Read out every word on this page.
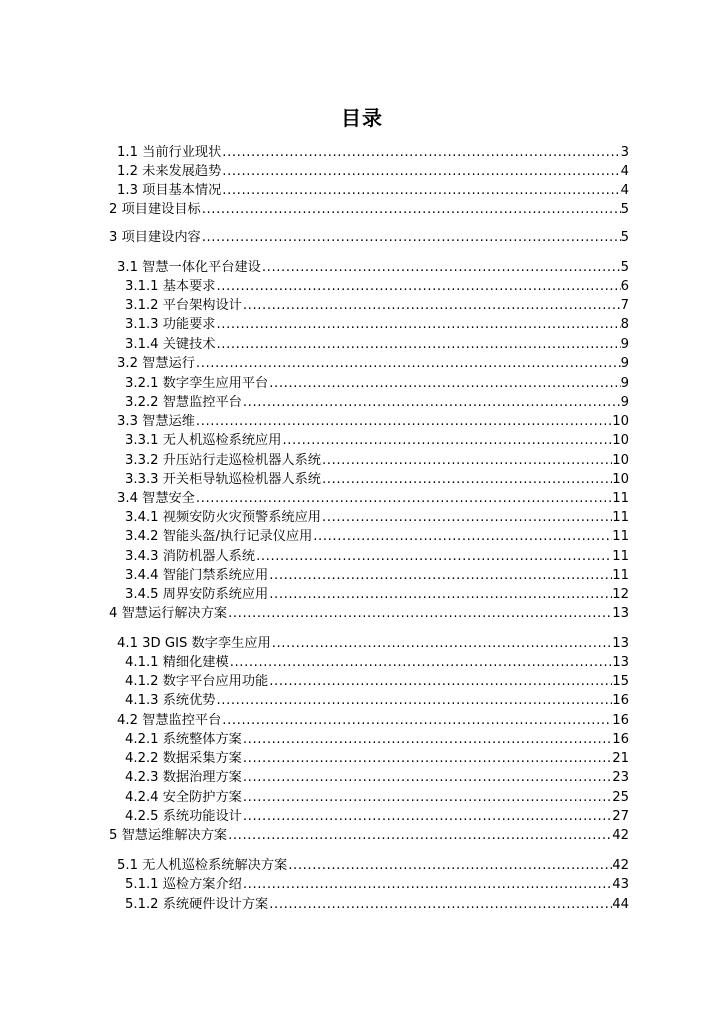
目录
1.1 当前行业现状 .....	3
1.2 未来发展趋势 .....	4
1.3 项目基本情况 .....	4
2 项目建设目标 .....	5
3 项目建设内容 .....	5
3.1 智慧一体化平台建设 .....	5
3.1.1 基本要求 .....	6
3.1.2 平台架构设计 .....	7
3.1.3 功能要求 .....	8
3.1.4 关键技术 .....	9
3.2 智慧运行 .....	9
3.2.1 数字孪生应用平台 .....	9
3.2.2 智慧监控平台 .....	9
3.3 智慧运维 .....	10
3.3.1 无人机巡检系统应用 .....	10
3.3.2 升压站行走巡检机器人系统 .....	10
3.3.3 开关柜导轨巡检机器人系统 .....	10
3.4 智慧安全 .....	11
3.4.1 视频安防火灾预警系统应用 .....	11
3.4.2 智能头盔/执行记录仪应用 .....	11
3.4.3 消防机器人系统 .....	11
3.4.4 智能门禁系统应用 .....	11
3.4.5 周界安防系统应用 .....	12
4 智慧运行解决方案 .....	13
4.1 3D GIS 数字孪生应用 .....	13
4.1.1 精细化建模 .....	13
4.1.2 数字平台应用功能 .....	15
4.1.3 系统优势 .....	16
4.2 智慧监控平台 .....	16
4.2.1 系统整体方案 .....	16
4.2.2 数据采集方案 .....	21
4.2.3 数据治理方案 .....	23
4.2.4 安全防护方案 .....	25
4.2.5 系统功能设计 .....	27
5 智慧运维解决方案 .....	42
5.1 无人机巡检系统解决方案 .....	42
5.1.1 巡检方案介绍 .....	43
5.1.2 系统硬件设计方案 .....	44
